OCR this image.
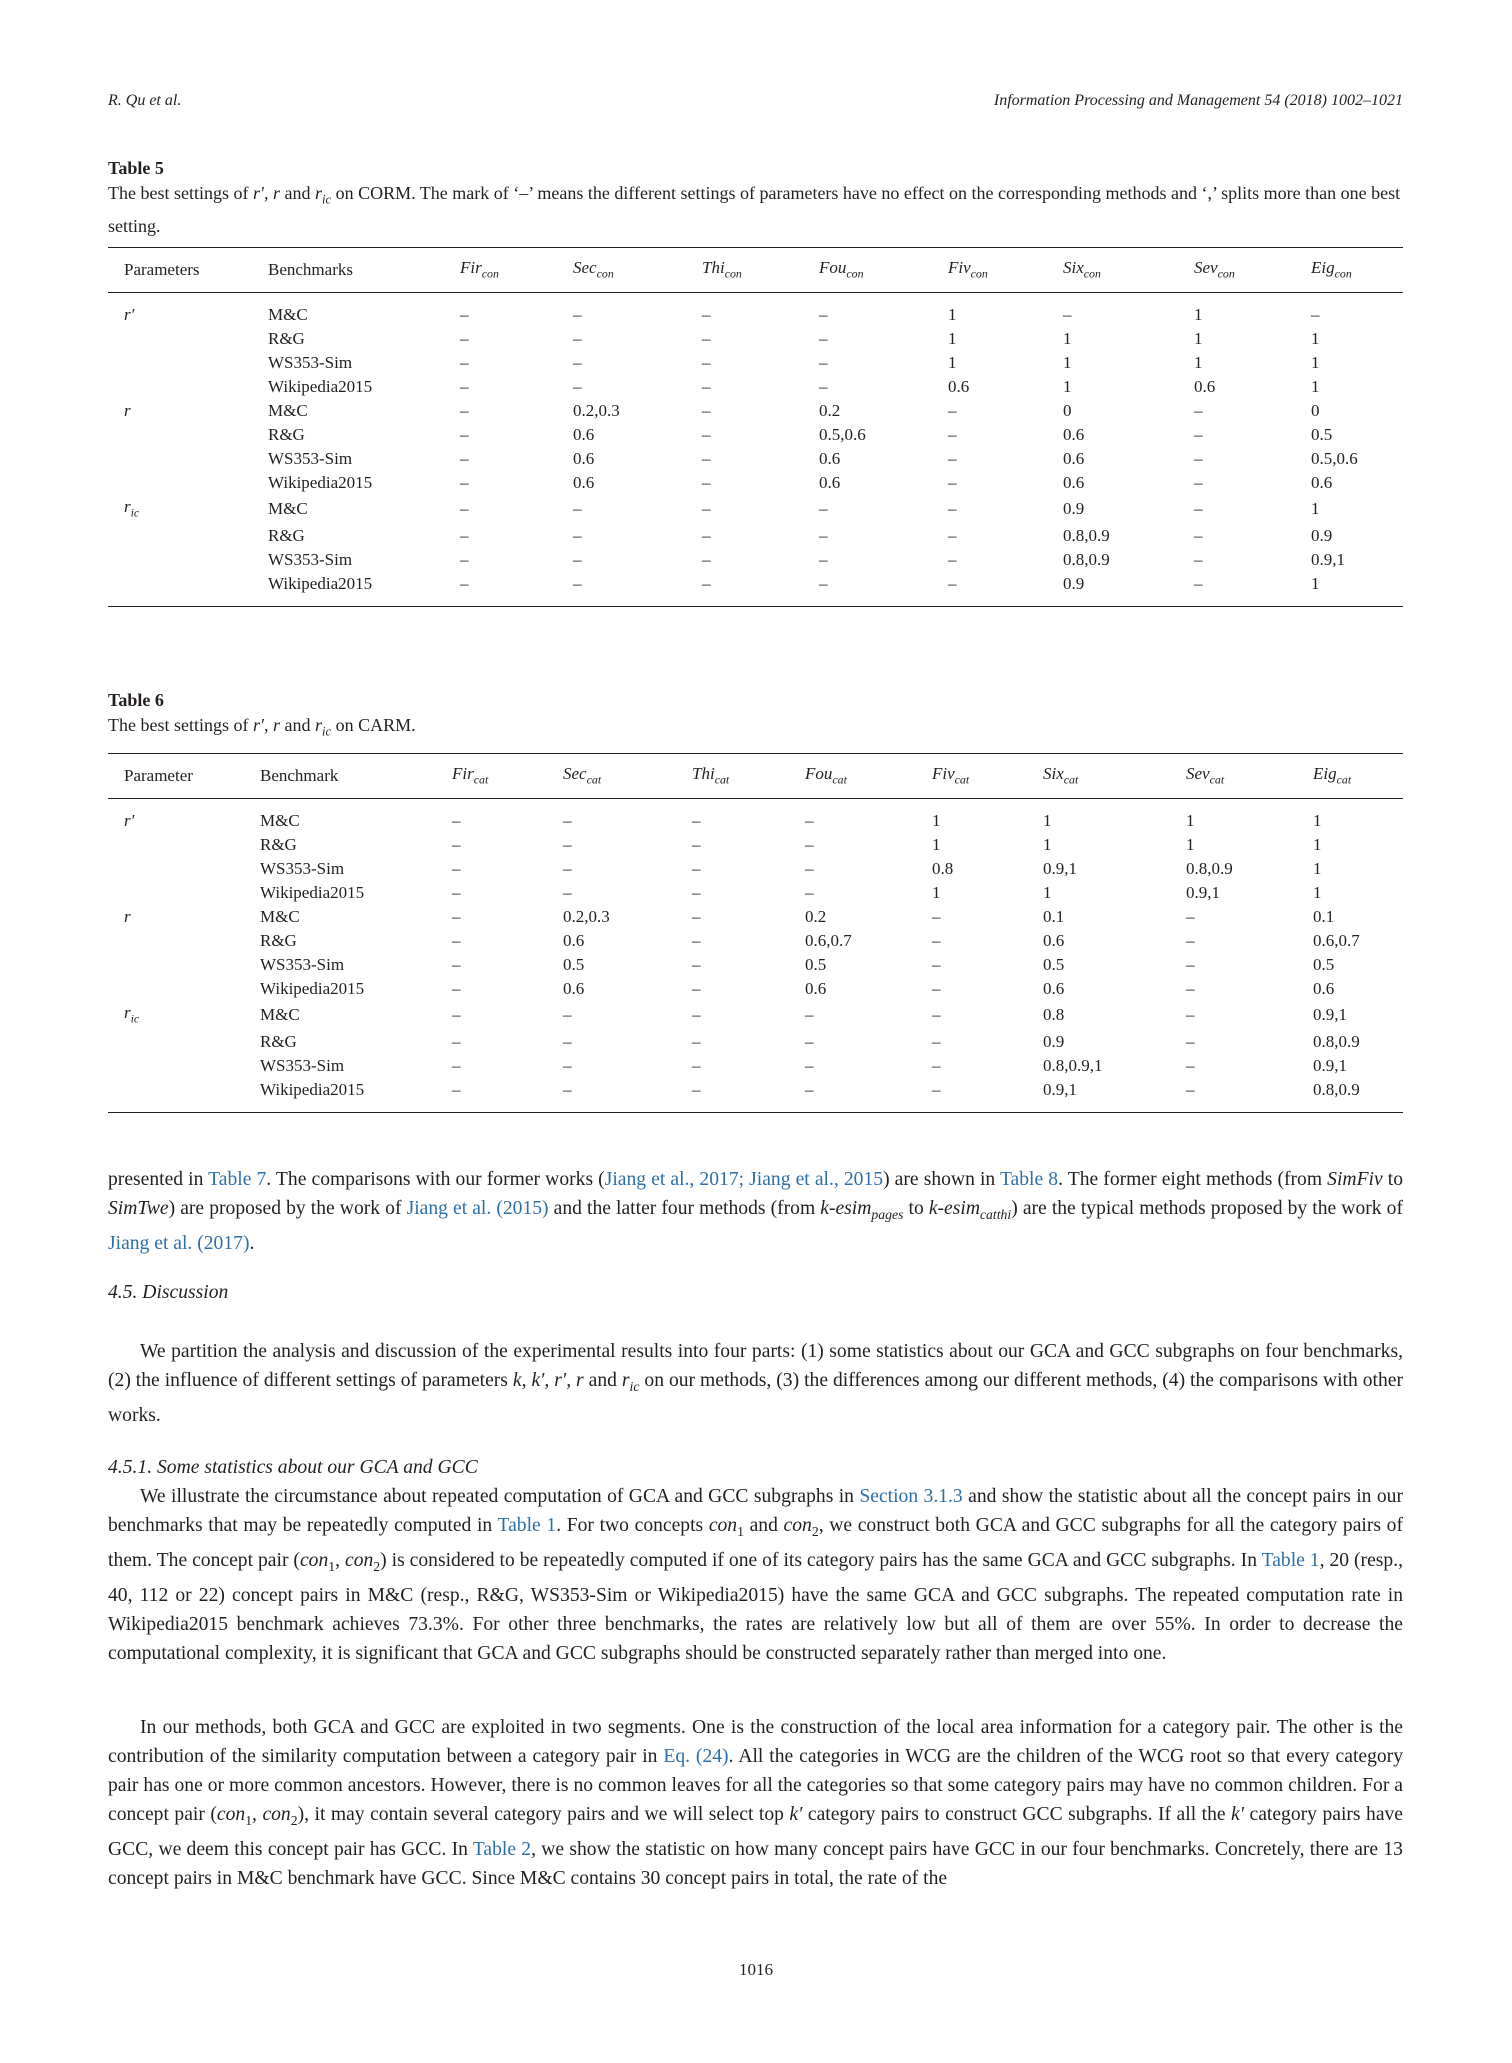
R. Qu et al.	Information Processing and Management 54 (2018) 1002–1021
Table 5
The best settings of r′, r and $r_{ic}$ on CORM. The mark of ‘–’ means the different settings of parameters have no effect on the corresponding methods and ‘,’ splits more than one best setting.
Parameters	Benchmarks	Fir$_{con}$	Sec$_{con}$	Thi$_{con}$	Fou$_{con}$	Fiv$_{con}$	Six$_{con}$	Sev$_{con}$	Eig$_{con}$
r′	M&C	–	–	–	–	1	–	1	–
	R&G	–	–	–	–	1	1	1	1
	WS353-Sim	–	–	–	–	1	1	1	1
	Wikipedia2015	–	–	–	–	0.6	1	0.6	1
r	M&C	–	0.2,0.3	–	0.2	–	0	–	0
	R&G	–	0.6	–	0.5,0.6	–	0.6	–	0.5
	WS353-Sim	–	0.6	–	0.6	–	0.6	–	0.5,0.6
	Wikipedia2015	–	0.6	–	0.6	–	0.6	–	0.6
$r_{ic}$	M&C	–	–	–	–	–	0.9	–	1
	R&G	–	–	–	–	–	0.8,0.9	–	0.9
	WS353-Sim	–	–	–	–	–	0.8,0.9	–	0.9,1
	Wikipedia2015	–	–	–	–	–	0.9	–	1
Table 6
The best settings of r′, r and $r_{ic}$ on CARM.
Parameter	Benchmark	Fir$_{cat}$	Sec$_{cat}$	Thi$_{cat}$	Fou$_{cat}$	Fiv$_{cat}$	Six$_{cat}$	Sev$_{cat}$	Eig$_{cat}$
r′	M&C	–	–	–	–	1	1	1	1
	R&G	–	–	–	–	1	1	1	1
	WS353-Sim	–	–	–	–	0.8	0.9,1	0.8,0.9	1
	Wikipedia2015	–	–	–	–	1	1	0.9,1	1
r	M&C	–	0.2,0.3	–	0.2	–	0.1	–	0.1
	R&G	–	0.6	–	0.6,0.7	–	0.6	–	0.6,0.7
	WS353-Sim	–	0.5	–	0.5	–	0.5	–	0.5
	Wikipedia2015	–	0.6	–	0.6	–	0.6	–	0.6
$r_{ic}$	M&C	–	–	–	–	–	0.8	–	0.9,1
	R&G	–	–	–	–	–	0.9	–	0.8,0.9
	WS353-Sim	–	–	–	–	–	0.8,0.9,1	–	0.9,1
	Wikipedia2015	–	–	–	–	–	0.9,1	–	0.8,0.9

presented in Table 7. The comparisons with our former works (Jiang et al., 2017; Jiang et al., 2015) are shown in Table 8. The former eight methods (from SimFiv to SimTwe) are proposed by the work of Jiang et al. (2015) and the latter four methods (from k-esim$_{pages}$ to k-esim$_{catthi}$) are the typical methods proposed by the work of Jiang et al. (2017).

4.5. Discussion

We partition the analysis and discussion of the experimental results into four parts: (1) some statistics about our GCA and GCC subgraphs on four benchmarks, (2) the influence of different settings of parameters k, k′, r′, r and $r_{ic}$ on our methods, (3) the differences among our different methods, (4) the comparisons with other works.

4.5.1. Some statistics about our GCA and GCC

We illustrate the circumstance about repeated computation of GCA and GCC subgraphs in Section 3.1.3 and show the statistic about all the concept pairs in our benchmarks that may be repeatedly computed in Table 1. For two concepts con$_1$ and con$_2$, we construct both GCA and GCC subgraphs for all the category pairs of them. The concept pair (con$_1$, con$_2$) is considered to be repeatedly computed if one of its category pairs has the same GCA and GCC subgraphs. In Table 1, 20 (resp., 40, 112 or 22) concept pairs in M&C (resp., R&G, WS353-Sim or Wikipedia2015) have the same GCA and GCC subgraphs. The repeated computation rate in Wikipedia2015 benchmark achieves 73.3%. For other three benchmarks, the rates are relatively low but all of them are over 55%. In order to decrease the computational complexity, it is significant that GCA and GCC subgraphs should be constructed separately rather than merged into one.

In our methods, both GCA and GCC are exploited in two segments. One is the construction of the local area information for a category pair. The other is the contribution of the similarity computation between a category pair in Eq. (24). All the categories in WCG are the children of the WCG root so that every category pair has one or more common ancestors. However, there is no common leaves for all the categories so that some category pairs may have no common children. For a concept pair (con$_1$, con$_2$), it may contain several category pairs and we will select top k′ category pairs to construct GCC subgraphs. If all the k′ category pairs have GCC, we deem this concept pair has GCC. In Table 2, we show the statistic on how many concept pairs have GCC in our four benchmarks. Concretely, there are 13 concept pairs in M&C benchmark have GCC. Since M&C contains 30 concept pairs in total, the rate of the

1016
